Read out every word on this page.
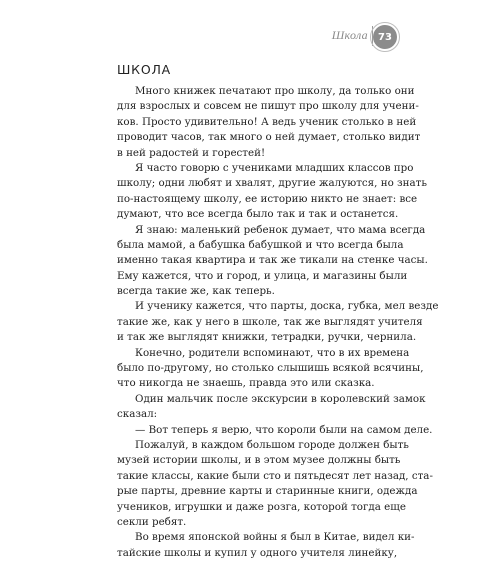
Школа	73
ШКОЛА
Много книжек печатают про школу, да только они
для взрослых и совсем не пишут про школу для учени-
ков. Просто удивительно! А ведь ученик столько в ней
проводит часов, так много о ней думает, столько видит
в ней радостей и горестей!
Я часто говорю с учениками младших классов про
школу; одни любят и хвалят, другие жалуются, но знать
по-настоящему школу, ее историю никто не знает: все
думают, что все всегда было так и так и останется.
Я знаю: маленький ребенок думает, что мама всегда
была мамой, а бабушка бабушкой и что всегда была
именно такая квартира и так же тикали на стенке часы.
Ему кажется, что и город, и улица, и магазины были
всегда такие же, как теперь.
И ученику кажется, что парты, доска, губка, мел везде
такие же, как у него в школе, так же выглядят учителя
и так же выглядят книжки, тетрадки, ручки, чернила.
Конечно, родители вспоминают, что в их времена
было по-другому, но столько слышишь всякой всячины,
что никогда не знаешь, правда это или сказка.
Один мальчик после экскурсии в королевский замок
сказал:
— Вот теперь я верю, что короли были на самом деле.
Пожалуй, в каждом большом городе должен быть
музей истории школы, и в этом музее должны быть
такие классы, какие были сто и пятьдесят лет назад, ста-
рые парты, древние карты и старинные книги, одежда
учеников, игрушки и даже розга, которой тогда еще
секли ребят.
Во время японской войны я был в Китае, видел ки-
тайские школы и купил у одного учителя линейку,
